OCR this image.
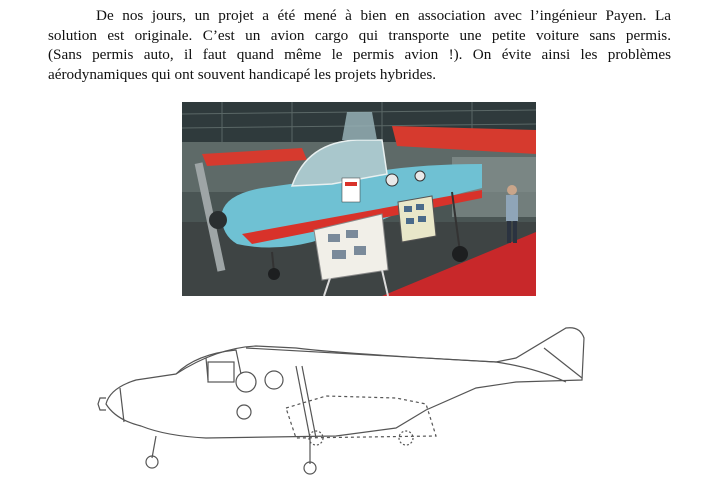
De nos jours, un projet a été mené à bien en association avec l’ingénieur Payen. La
solution est originale. C’est un avion cargo qui transporte une petite voiture sans permis.
(Sans permis auto, il faut quand même le permis avion !). On évite ainsi les problèmes
aérodynamiques qui ont souvent handicapé les projets hybrides.
